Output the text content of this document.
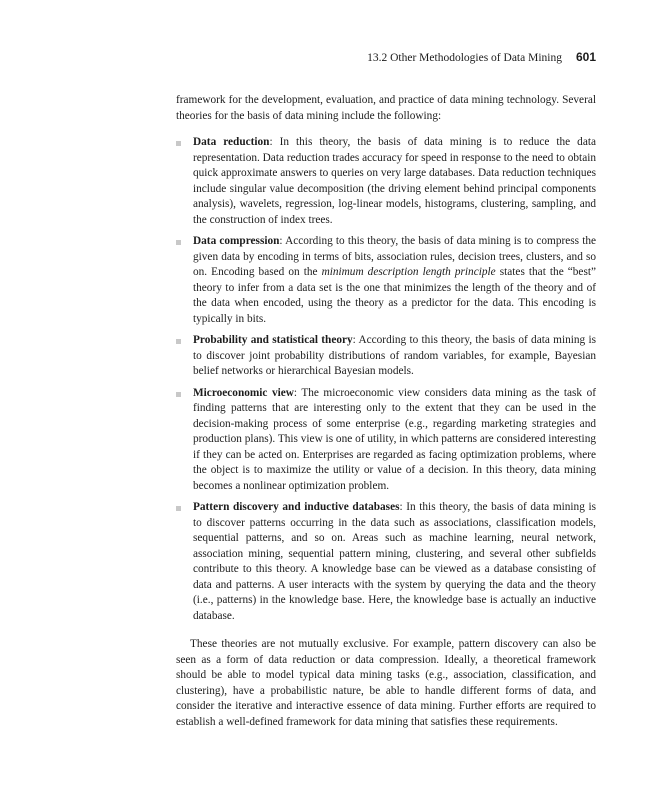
13.2 Other Methodologies of Data Mining 601

framework for the development, evaluation, and practice of data mining technology. Several theories for the basis of data mining include the following:

Data reduction: In this theory, the basis of data mining is to reduce the data representation. Data reduction trades accuracy for speed in response to the need to obtain quick approximate answers to queries on very large databases. Data reduction techniques include singular value decomposition (the driving element behind principal components analysis), wavelets, regression, log-linear models, histograms, clustering, sampling, and the construction of index trees.
Data compression: According to this theory, the basis of data mining is to compress the given data by encoding in terms of bits, association rules, decision trees, clusters, and so on. Encoding based on the minimum description length principle states that the “best” theory to infer from a data set is the one that minimizes the length of the theory and of the data when encoded, using the theory as a predictor for the data. This encoding is typically in bits.
Probability and statistical theory: According to this theory, the basis of data mining is to discover joint probability distributions of random variables, for example, Bayesian belief networks or hierarchical Bayesian models.
Microeconomic view: The microeconomic view considers data mining as the task of finding patterns that are interesting only to the extent that they can be used in the decision-making process of some enterprise (e.g., regarding marketing strategies and production plans). This view is one of utility, in which patterns are considered interesting if they can be acted on. Enterprises are regarded as facing optimization problems, where the object is to maximize the utility or value of a decision. In this theory, data mining becomes a nonlinear optimization problem.
Pattern discovery and inductive databases: In this theory, the basis of data mining is to discover patterns occurring in the data such as associations, classification models, sequential patterns, and so on. Areas such as machine learning, neural network, association mining, sequential pattern mining, clustering, and several other subfields contribute to this theory. A knowledge base can be viewed as a database consisting of data and patterns. A user interacts with the system by querying the data and the theory (i.e., patterns) in the knowledge base. Here, the knowledge base is actually an inductive database.

These theories are not mutually exclusive. For example, pattern discovery can also be seen as a form of data reduction or data compression. Ideally, a theoretical framework should be able to model typical data mining tasks (e.g., association, classification, and clustering), have a probabilistic nature, be able to handle different forms of data, and consider the iterative and interactive essence of data mining. Further efforts are required to establish a well-defined framework for data mining that satisfies these requirements.
